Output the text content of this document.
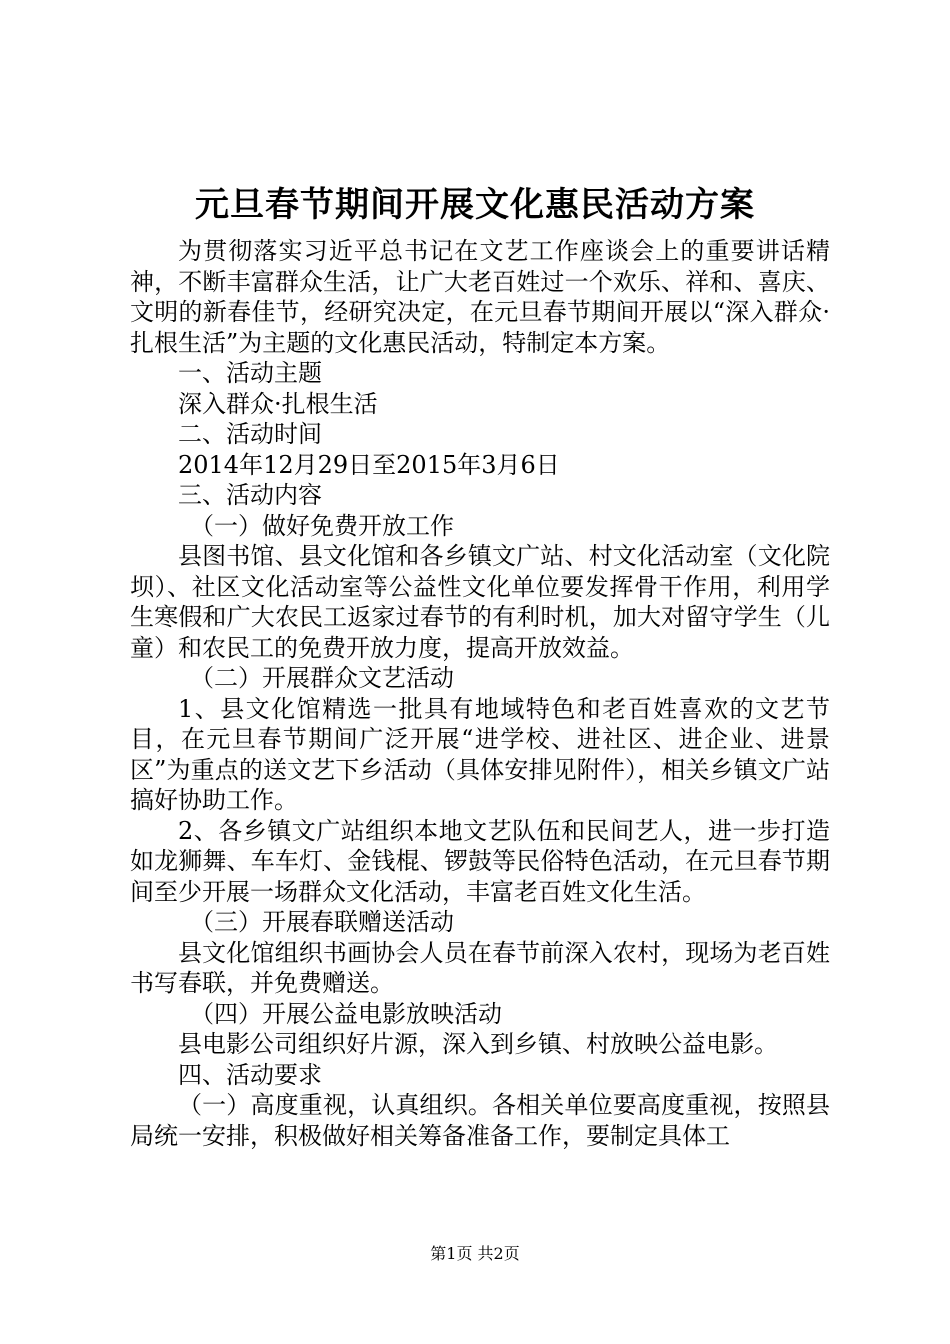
元旦春节期间开展文化惠民活动方案

为贯彻落实习近平总书记在文艺工作座谈会上的重要讲话精神，不断丰富群众生活，让广大老百姓过一个欢乐、祥和、喜庆、文明的新春佳节，经研究决定，在元旦春节期间开展以“深入群众·扎根生活”为主题的文化惠民活动，特制定本方案。

一、活动主题

深入群众·扎根生活

二、活动时间

2014年12月29日至2015年3月6日

三、活动内容

（一）做好免费开放工作

县图书馆、县文化馆和各乡镇文广站、村文化活动室（文化院坝）、社区文化活动室等公益性文化单位要发挥骨干作用，利用学生寒假和广大农民工返家过春节的有利时机，加大对留守学生（儿童）和农民工的免费开放力度，提高开放效益。

（二）开展群众文艺活动

1、县文化馆精选一批具有地域特色和老百姓喜欢的文艺节目，在元旦春节期间广泛开展“进学校、进社区、进企业、进景区”为重点的送文艺下乡活动（具体安排见附件），相关乡镇文广站搞好协助工作。

2、各乡镇文广站组织本地文艺队伍和民间艺人，进一步打造如龙狮舞、车车灯、金钱棍、锣鼓等民俗特色活动，在元旦春节期间至少开展一场群众文化活动，丰富老百姓文化生活。

（三）开展春联赠送活动

县文化馆组织书画协会人员在春节前深入农村，现场为老百姓书写春联，并免费赠送。

（四）开展公益电影放映活动

县电影公司组织好片源，深入到乡镇、村放映公益电影。

四、活动要求

（一）高度重视，认真组织。各相关单位要高度重视，按照县局统一安排，积极做好相关筹备准备工作，要制定具体工

第1页 共2页
